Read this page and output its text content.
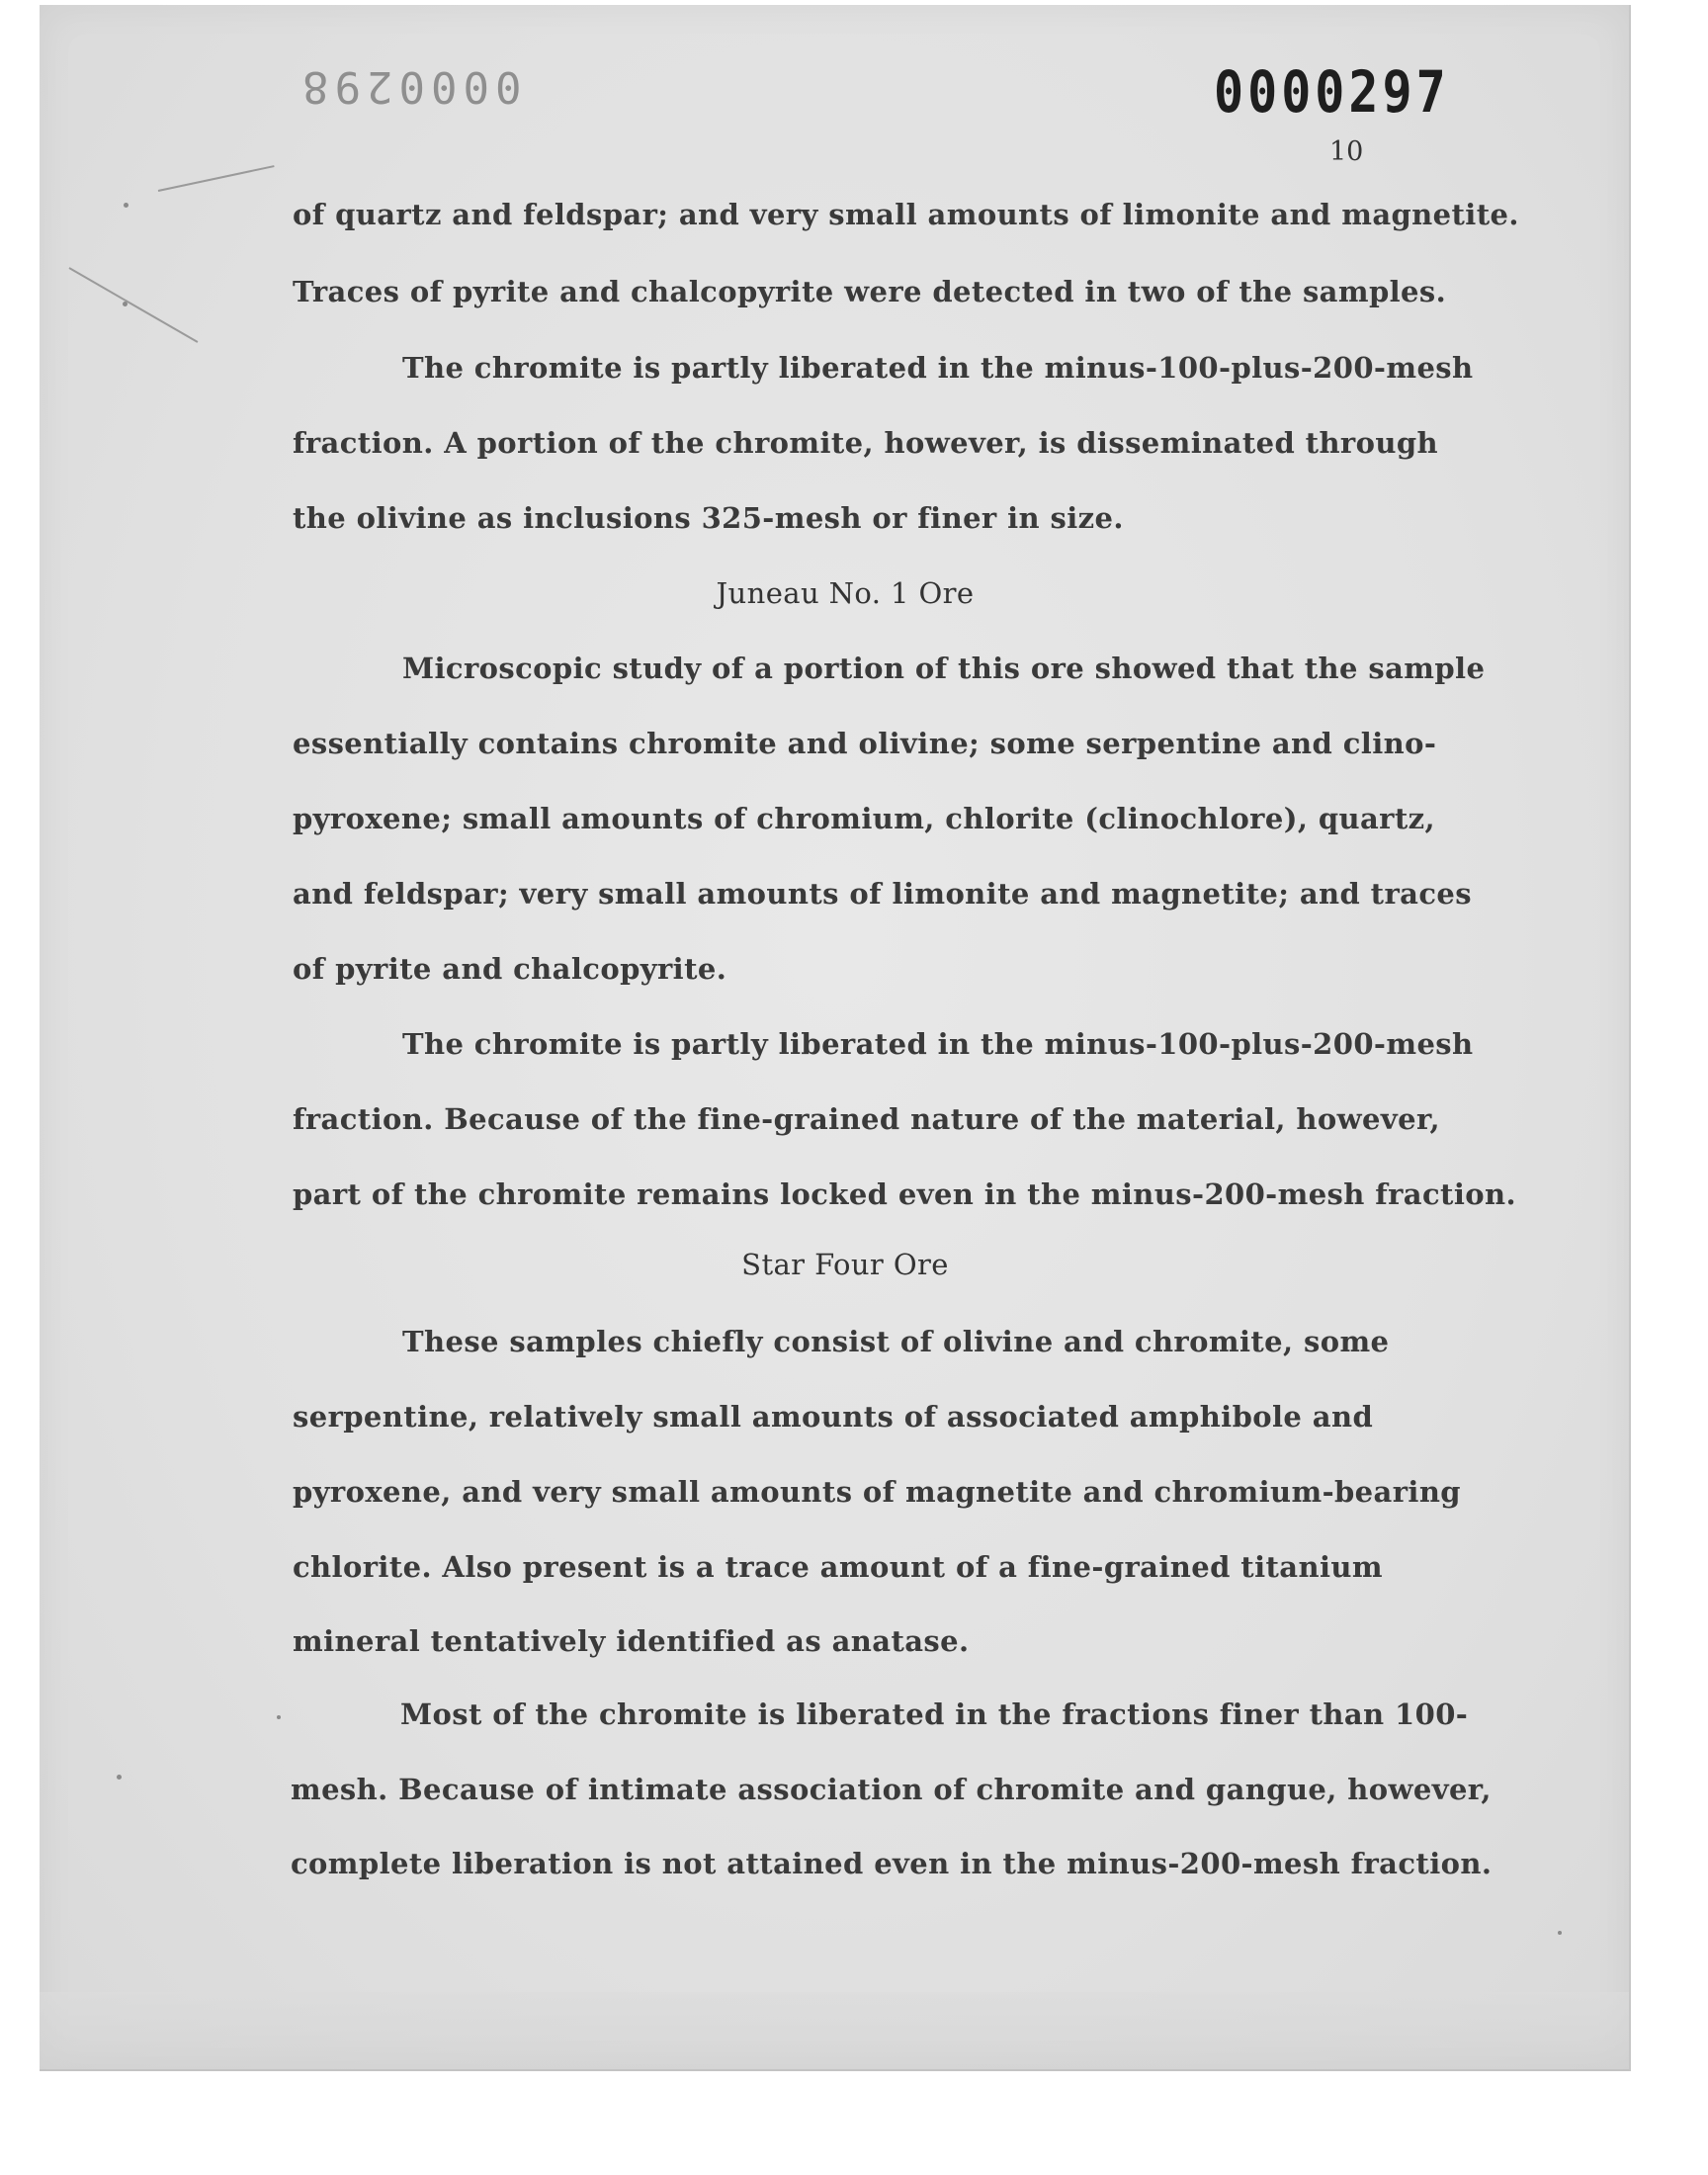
0000298	0000297
10
of quartz and feldspar; and very small amounts of limonite and magnetite.
Traces of pyrite and chalcopyrite were detected in two of the samples.
The chromite is partly liberated in the minus-100-plus-200-mesh
fraction. A portion of the chromite, however, is disseminated through
the olivine as inclusions 325-mesh or finer in size.
Juneau No. 1 Ore
Microscopic study of a portion of this ore showed that the sample
essentially contains chromite and olivine; some serpentine and clino-
pyroxene; small amounts of chromium, chlorite (clinochlore), quartz,
and feldspar; very small amounts of limonite and magnetite; and traces
of pyrite and chalcopyrite.
The chromite is partly liberated in the minus-100-plus-200-mesh
fraction. Because of the fine-grained nature of the material, however,
part of the chromite remains locked even in the minus-200-mesh fraction.
Star Four Ore
These samples chiefly consist of olivine and chromite, some
serpentine, relatively small amounts of associated amphibole and
pyroxene, and very small amounts of magnetite and chromium-bearing
chlorite. Also present is a trace amount of a fine-grained titanium
mineral tentatively identified as anatase.
Most of the chromite is liberated in the fractions finer than 100-
mesh. Because of intimate association of chromite and gangue, however,
complete liberation is not attained even in the minus-200-mesh fraction.
